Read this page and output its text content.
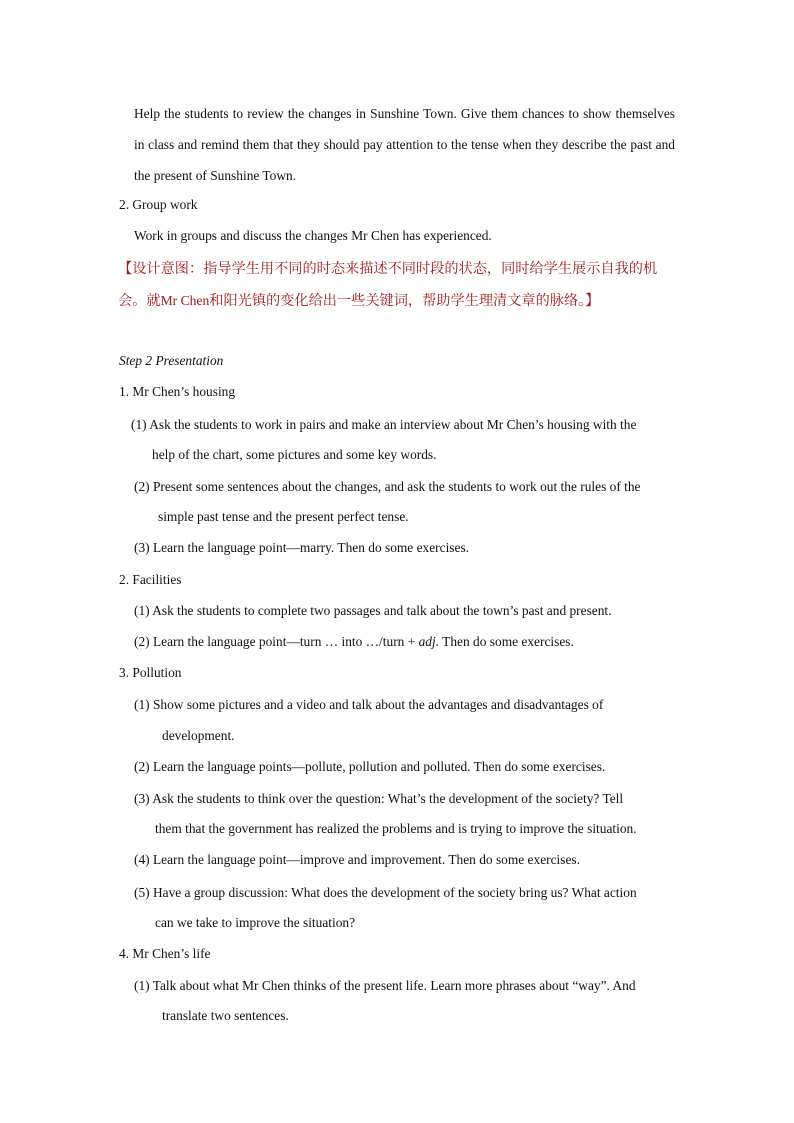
Help the students to review the changes in Sunshine Town. Give them chances to show themselves in class and remind them that they should pay attention to the tense when they describe the past and the present of Sunshine Town.
2. Group work
Work in groups and discuss the changes Mr Chen has experienced.
【设计意图：指导学生用不同的时态来描述不同时段的状态，同时给学生展示自我的机会。就Mr Chen和阳光镇的变化给出一些关键词，帮助学生理清文章的脉络。】
Step 2 Presentation
1. Mr Chen’s housing
(1) Ask the students to work in pairs and make an interview about Mr Chen’s housing with the
help of the chart, some pictures and some key words.
(2) Present some sentences about the changes, and ask the students to work out the rules of the
simple past tense and the present perfect tense.
(3) Learn the language point—marry. Then do some exercises.
2. Facilities
(1) Ask the students to complete two passages and talk about the town’s past and present.
(2) Learn the language point—turn … into …/turn + adj. Then do some exercises.
3. Pollution
(1) Show some pictures and a video and talk about the advantages and disadvantages of
development.
(2) Learn the language points—pollute, pollution and polluted. Then do some exercises.
(3) Ask the students to think over the question: What’s the development of the society? Tell
them that the government has realized the problems and is trying to improve the situation.
(4) Learn the language point—improve and improvement. Then do some exercises.
(5) Have a group discussion: What does the development of the society bring us? What action
can we take to improve the situation?
4. Mr Chen’s life
(1) Talk about what Mr Chen thinks of the present life. Learn more phrases about “way”. And
translate two sentences.
